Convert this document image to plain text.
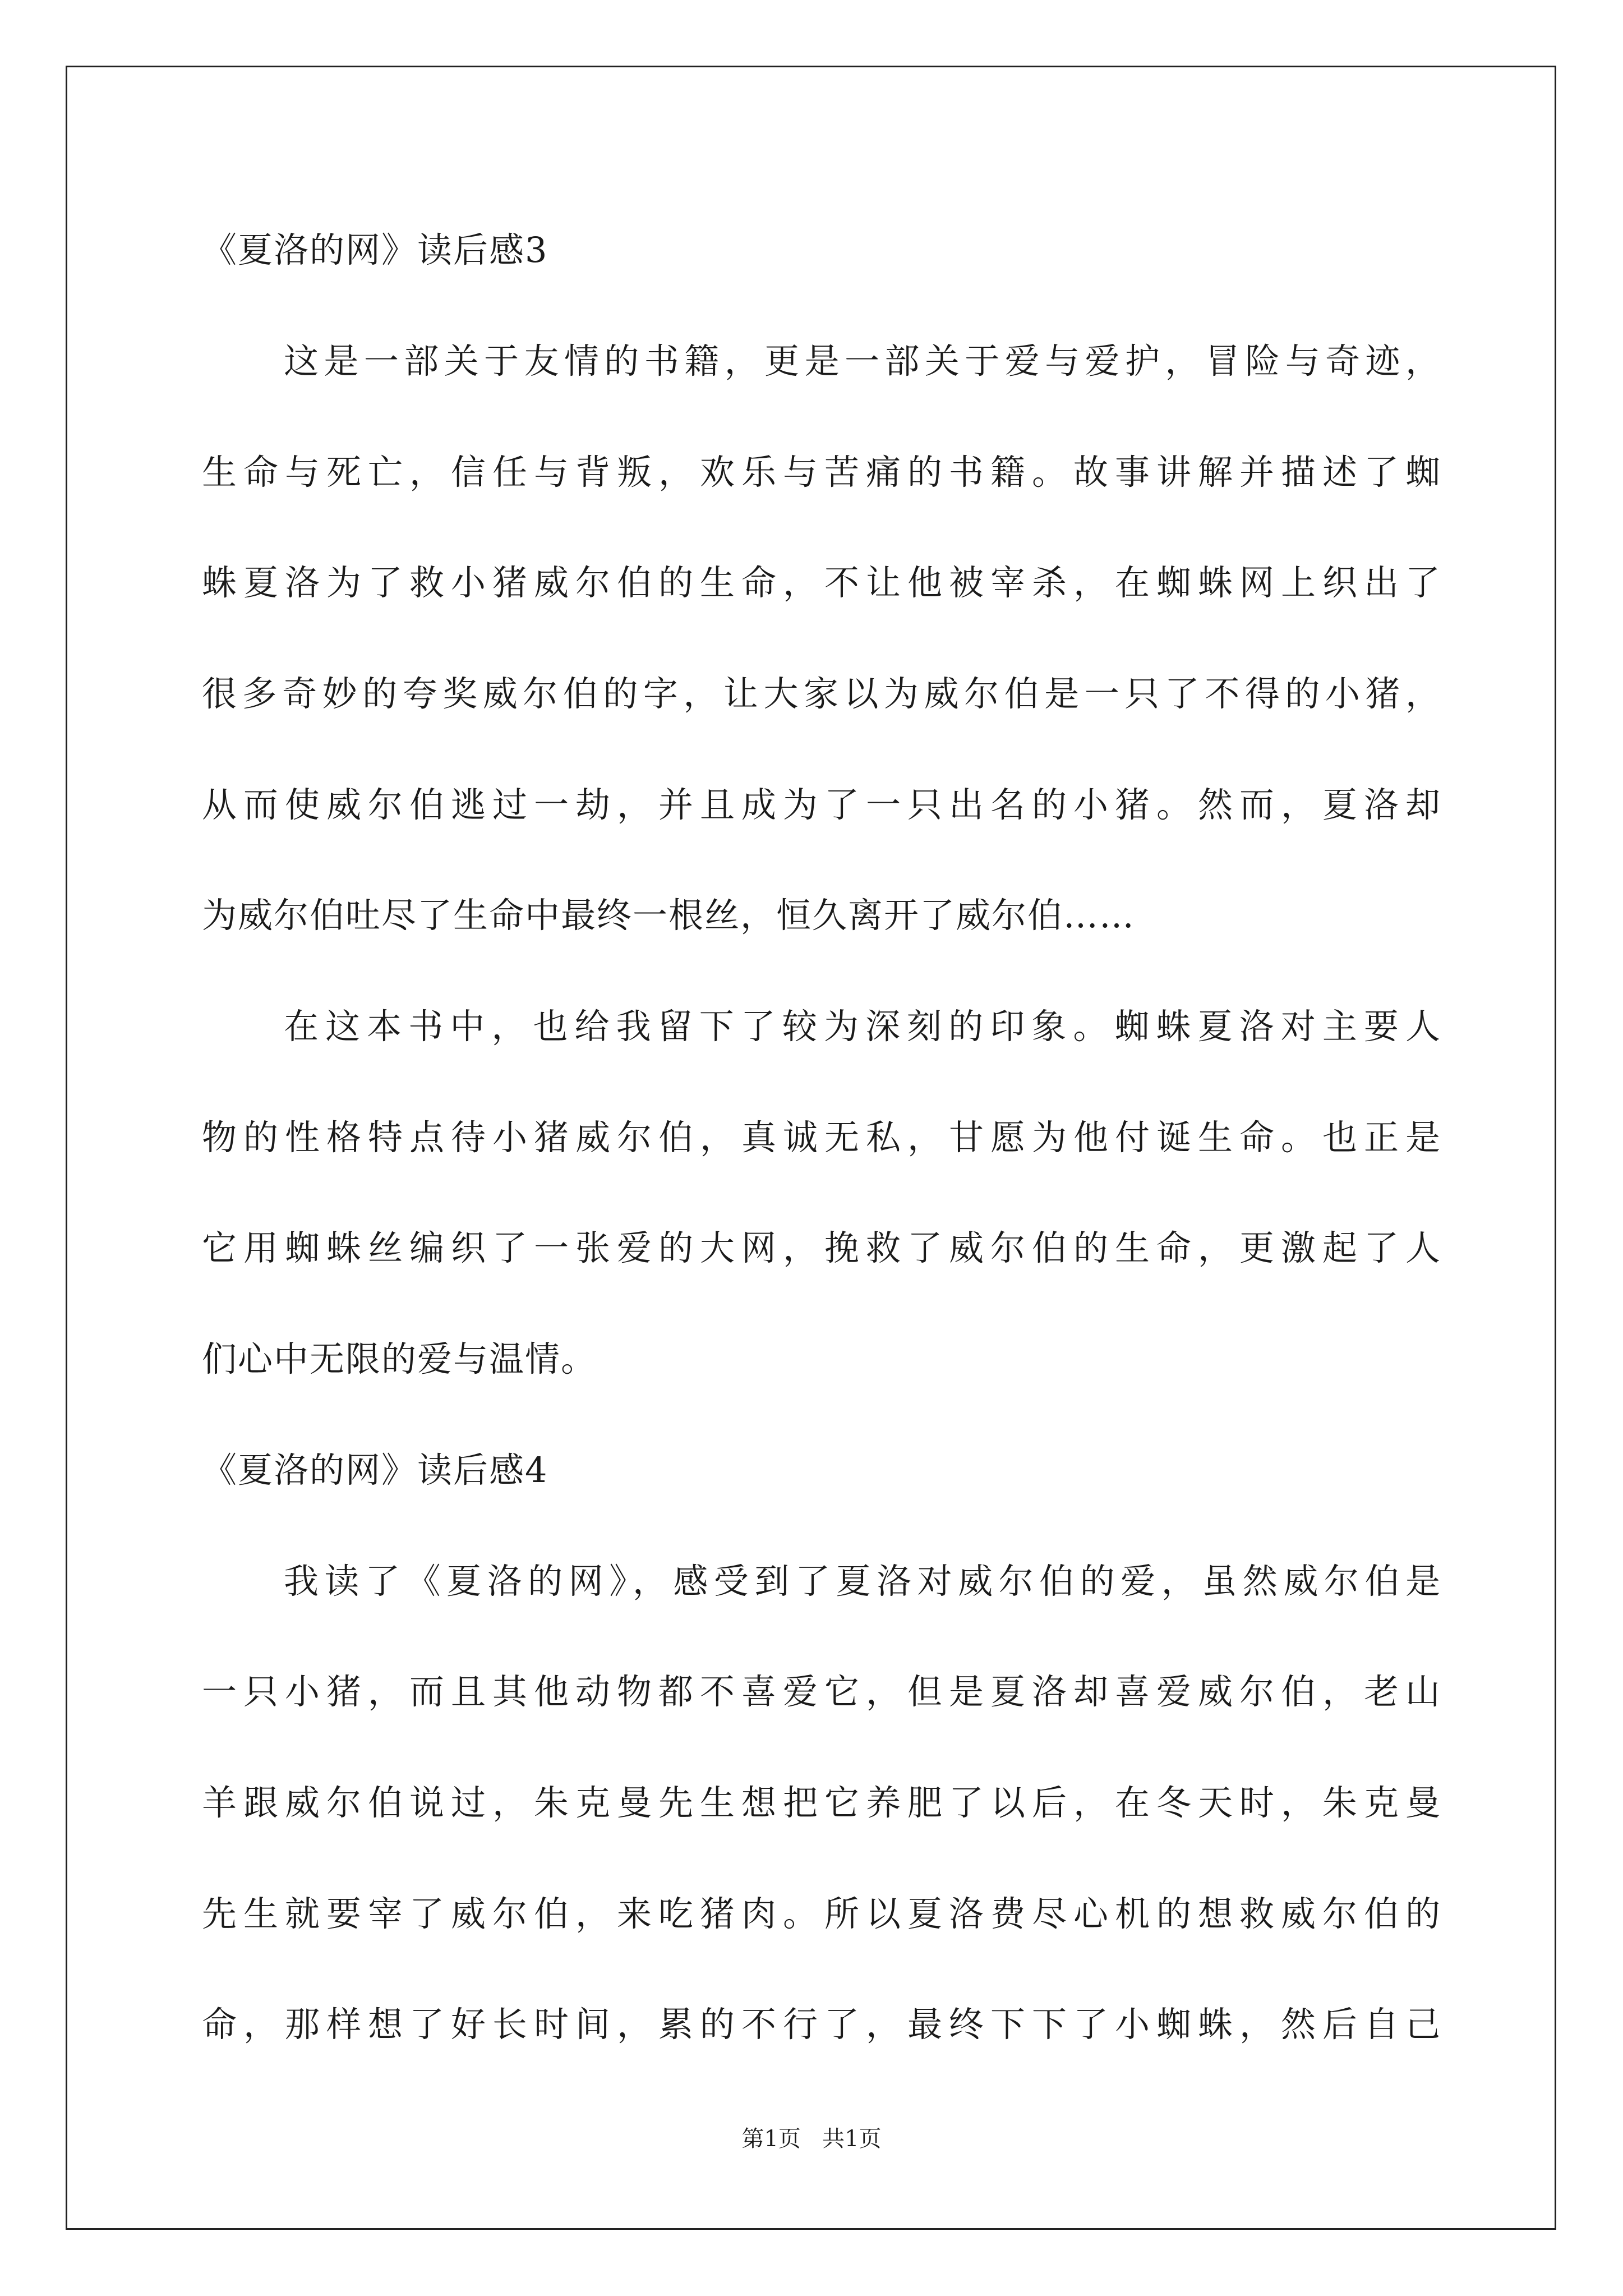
《夏洛的网》读后感3
这是一部关于友情的书籍，更是一部关于爱与爱护，冒险与奇迹，
生命与死亡，信任与背叛，欢乐与苦痛的书籍。故事讲解并描述了蜘
蛛夏洛为了救小猪威尔伯的生命，不让他被宰杀，在蜘蛛网上织出了
很多奇妙的夸奖威尔伯的字，让大家以为威尔伯是一只了不得的小猪，
从而使威尔伯逃过一劫，并且成为了一只出名的小猪。然而，夏洛却
为威尔伯吐尽了生命中最终一根丝，恒久离开了威尔伯……
在这本书中，也给我留下了较为深刻的印象。蜘蛛夏洛对主要人
物的性格特点待小猪威尔伯，真诚无私，甘愿为他付诞生命。也正是
它用蜘蛛丝编织了一张爱的大网，挽救了威尔伯的生命，更激起了人
们心中无限的爱与温情。
《夏洛的网》读后感4
我读了《夏洛的网》，感受到了夏洛对威尔伯的爱，虽然威尔伯是
一只小猪，而且其他动物都不喜爱它，但是夏洛却喜爱威尔伯，老山
羊跟威尔伯说过，朱克曼先生想把它养肥了以后，在冬天时，朱克曼
先生就要宰了威尔伯，来吃猪肉。所以夏洛费尽心机的想救威尔伯的
命，那样想了好长时间，累的不行了，最终下下了小蜘蛛，然后自己
第1页   共1页
